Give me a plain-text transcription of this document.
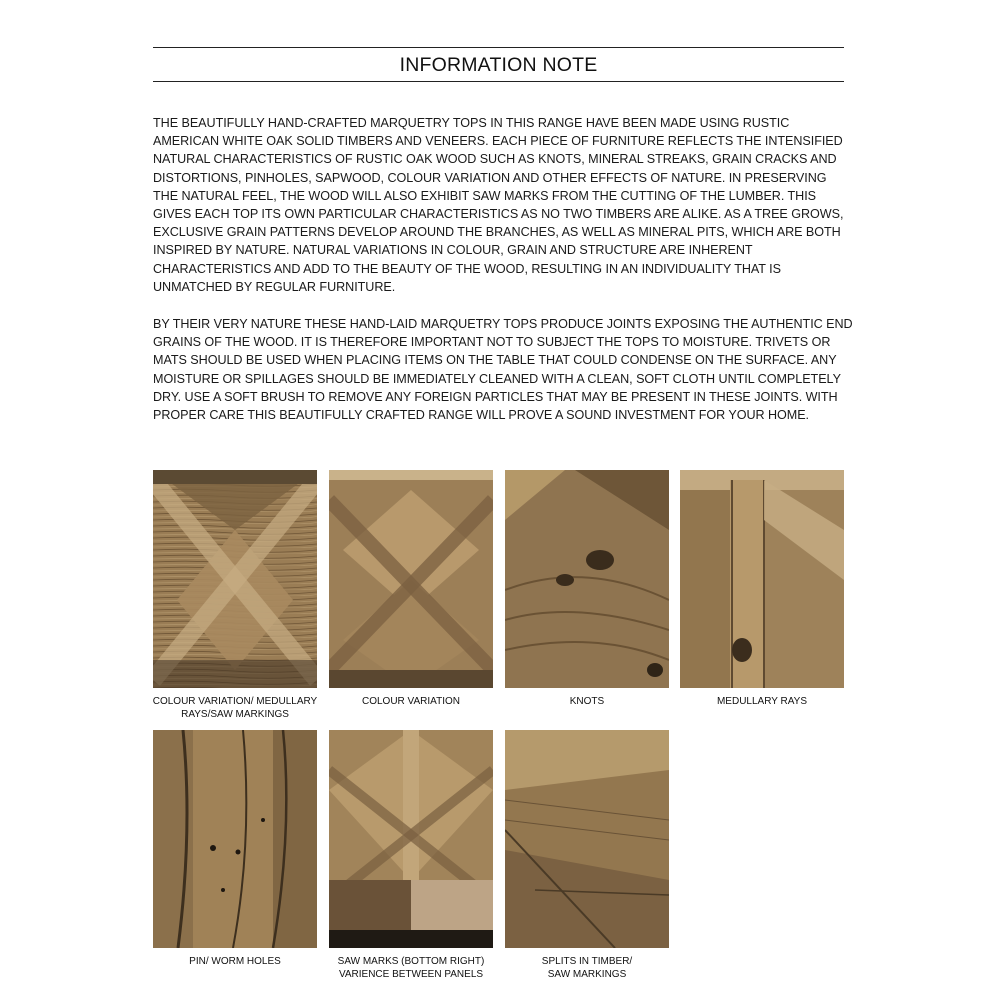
INFORMATION NOTE

THE BEAUTIFULLY HAND-CRAFTED MARQUETRY TOPS IN THIS RANGE HAVE BEEN MADE USING RUSTIC AMERICAN WHITE OAK SOLID TIMBERS AND VENEERS. EACH PIECE OF FURNITURE REFLECTS THE INTENSIFIED NATURAL CHARACTERISTICS OF RUSTIC OAK WOOD SUCH AS KNOTS, MINERAL STREAKS, GRAIN CRACKS AND DISTORTIONS, PINHOLES, SAPWOOD, COLOUR VARIATION AND OTHER EFFECTS OF NATURE. IN PRESERVING THE NATURAL FEEL, THE WOOD WILL ALSO EXHIBIT SAW MARKS FROM THE CUTTING OF THE LUMBER. THIS GIVES EACH TOP ITS OWN PARTICULAR CHARACTERISTICS AS NO TWO TIMBERS ARE ALIKE. AS A TREE GROWS, EXCLUSIVE GRAIN PATTERNS DEVELOP AROUND THE BRANCHES, AS WELL AS MINERAL PITS, WHICH ARE BOTH INSPIRED BY NATURE. NATURAL VARIATIONS IN COLOUR, GRAIN AND STRUCTURE ARE INHERENT CHARACTERISTICS AND ADD TO THE BEAUTY OF THE WOOD, RESULTING IN AN INDIVIDUALITY THAT IS UNMATCHED BY REGULAR FURNITURE.

BY THEIR VERY NATURE THESE HAND-LAID MARQUETRY TOPS PRODUCE JOINTS EXPOSING THE AUTHENTIC END GRAINS OF THE WOOD. IT IS THEREFORE IMPORTANT NOT TO SUBJECT THE TOPS TO MOISTURE. TRIVETS OR MATS SHOULD BE USED WHEN PLACING ITEMS ON THE TABLE THAT COULD CONDENSE ON THE SURFACE. ANY MOISTURE OR SPILLAGES SHOULD BE IMMEDIATELY CLEANED WITH A CLEAN, SOFT CLOTH UNTIL COMPLETELY DRY. USE A SOFT BRUSH TO REMOVE ANY FOREIGN PARTICLES THAT MAY BE PRESENT IN THESE JOINTS. WITH PROPER CARE THIS BEAUTIFULLY CRAFTED RANGE WILL PROVE A SOUND INVESTMENT FOR YOUR HOME.

COLOUR VARIATION/ MEDULLARY
RAYS/SAW MARKINGS
COLOUR VARIATION	KNOTS	MEDULLARY RAYS
PIN/ WORM HOLES	SAW MARKS (BOTTOM RIGHT)
VARIENCE BETWEEN PANELS
SPLITS IN TIMBER/
SAW MARKINGS
